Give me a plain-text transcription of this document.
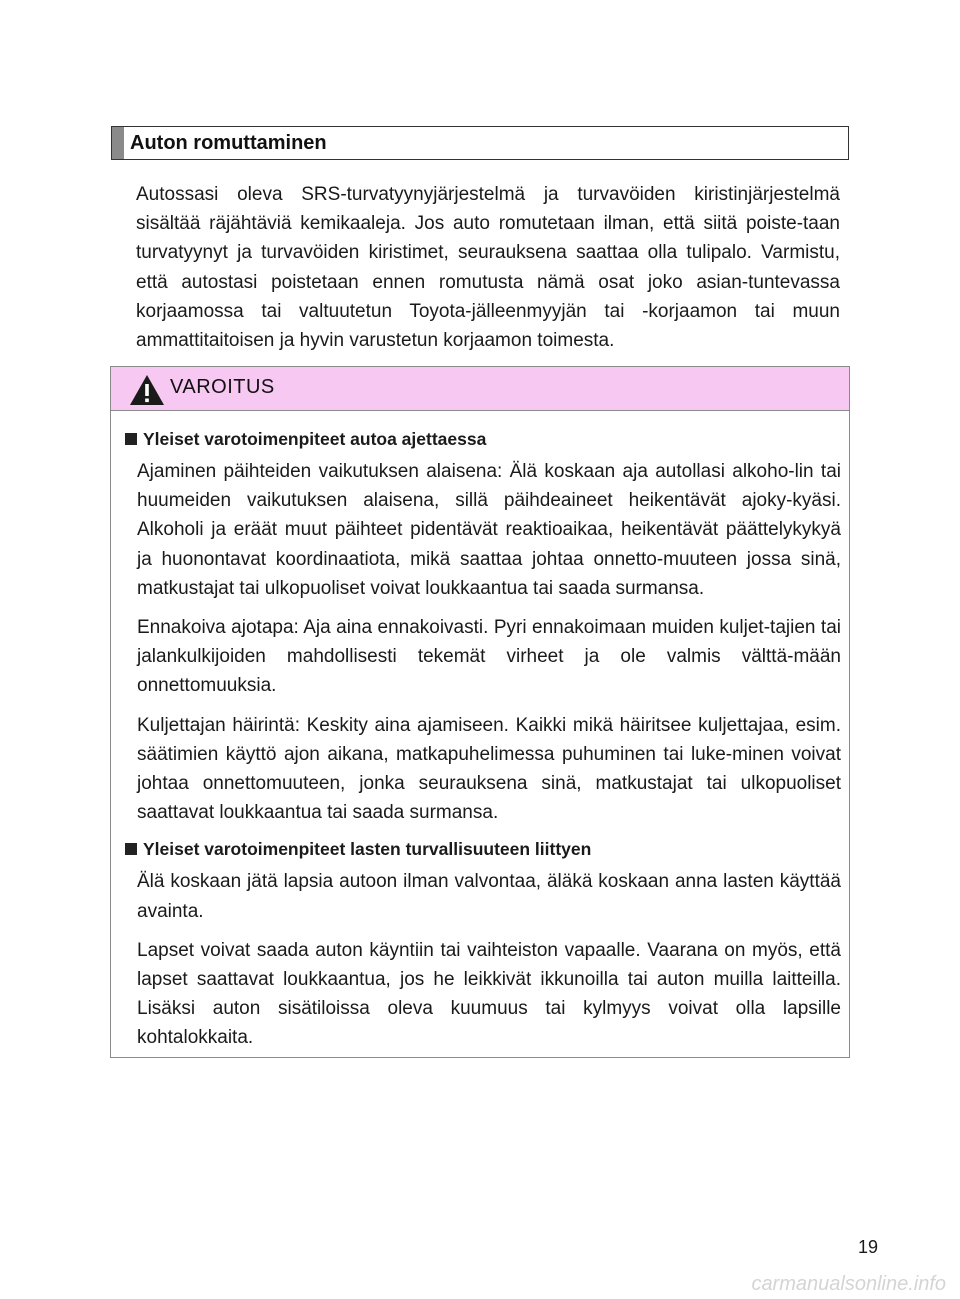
Auton romuttaminen
Autossasi oleva SRS-turvatyynyjärjestelmä ja turvavöiden kiristinjärjestelmä sisältää räjähtäviä kemikaaleja. Jos auto romutetaan ilman, että siitä poiste-taan turvatyynyt ja turvavöiden kiristimet, seurauksena saattaa olla tulipalo. Varmistu, että autostasi poistetaan ennen romutusta nämä osat joko asian-tuntevassa korjaamossa tai valtuutetun Toyota-jälleenmyyjän tai -korjaamon tai muun ammattitaitoisen ja hyvin varustetun korjaamon toimesta.
VAROITUS
Yleiset varotoimenpiteet autoa ajettaessa

Ajaminen päihteiden vaikutuksen alaisena: Älä koskaan aja autollasi alkoho-lin tai huumeiden vaikutuksen alaisena, sillä päihdeaineet heikentävät ajoky-kyäsi. Alkoholi ja eräät muut päihteet pidentävät reaktioaikaa, heikentävät päättelykykyä ja huonontavat koordinaatiota, mikä saattaa johtaa onnetto-muuteen jossa sinä, matkustajat tai ulkopuoliset voivat loukkaantua tai saada surmansa.

Ennakoiva ajotapa: Aja aina ennakoivasti. Pyri ennakoimaan muiden kuljet-tajien tai jalankulkijoiden mahdollisesti tekemät virheet ja ole valmis välttä-mään onnettomuuksia.

Kuljettajan häirintä: Keskity aina ajamiseen. Kaikki mikä häiritsee kuljettajaa, esim. säätimien käyttö ajon aikana, matkapuhelimessa puhuminen tai luke-minen voivat johtaa onnettomuuteen, jonka seurauksena sinä, matkustajat tai ulkopuoliset saattavat loukkaantua tai saada surmansa.

Yleiset varotoimenpiteet lasten turvallisuuteen liittyen

Älä koskaan jätä lapsia autoon ilman valvontaa, äläkä koskaan anna lasten käyttää avainta.

Lapset voivat saada auton käyntiin tai vaihteiston vapaalle. Vaarana on myös, että lapset saattavat loukkaantua, jos he leikkivät ikkunoilla tai auton muilla laitteilla. Lisäksi auton sisätiloissa oleva kuumuus tai kylmyys voivat olla lapsille kohtalokkaita.

19
carmanualsonline.info
